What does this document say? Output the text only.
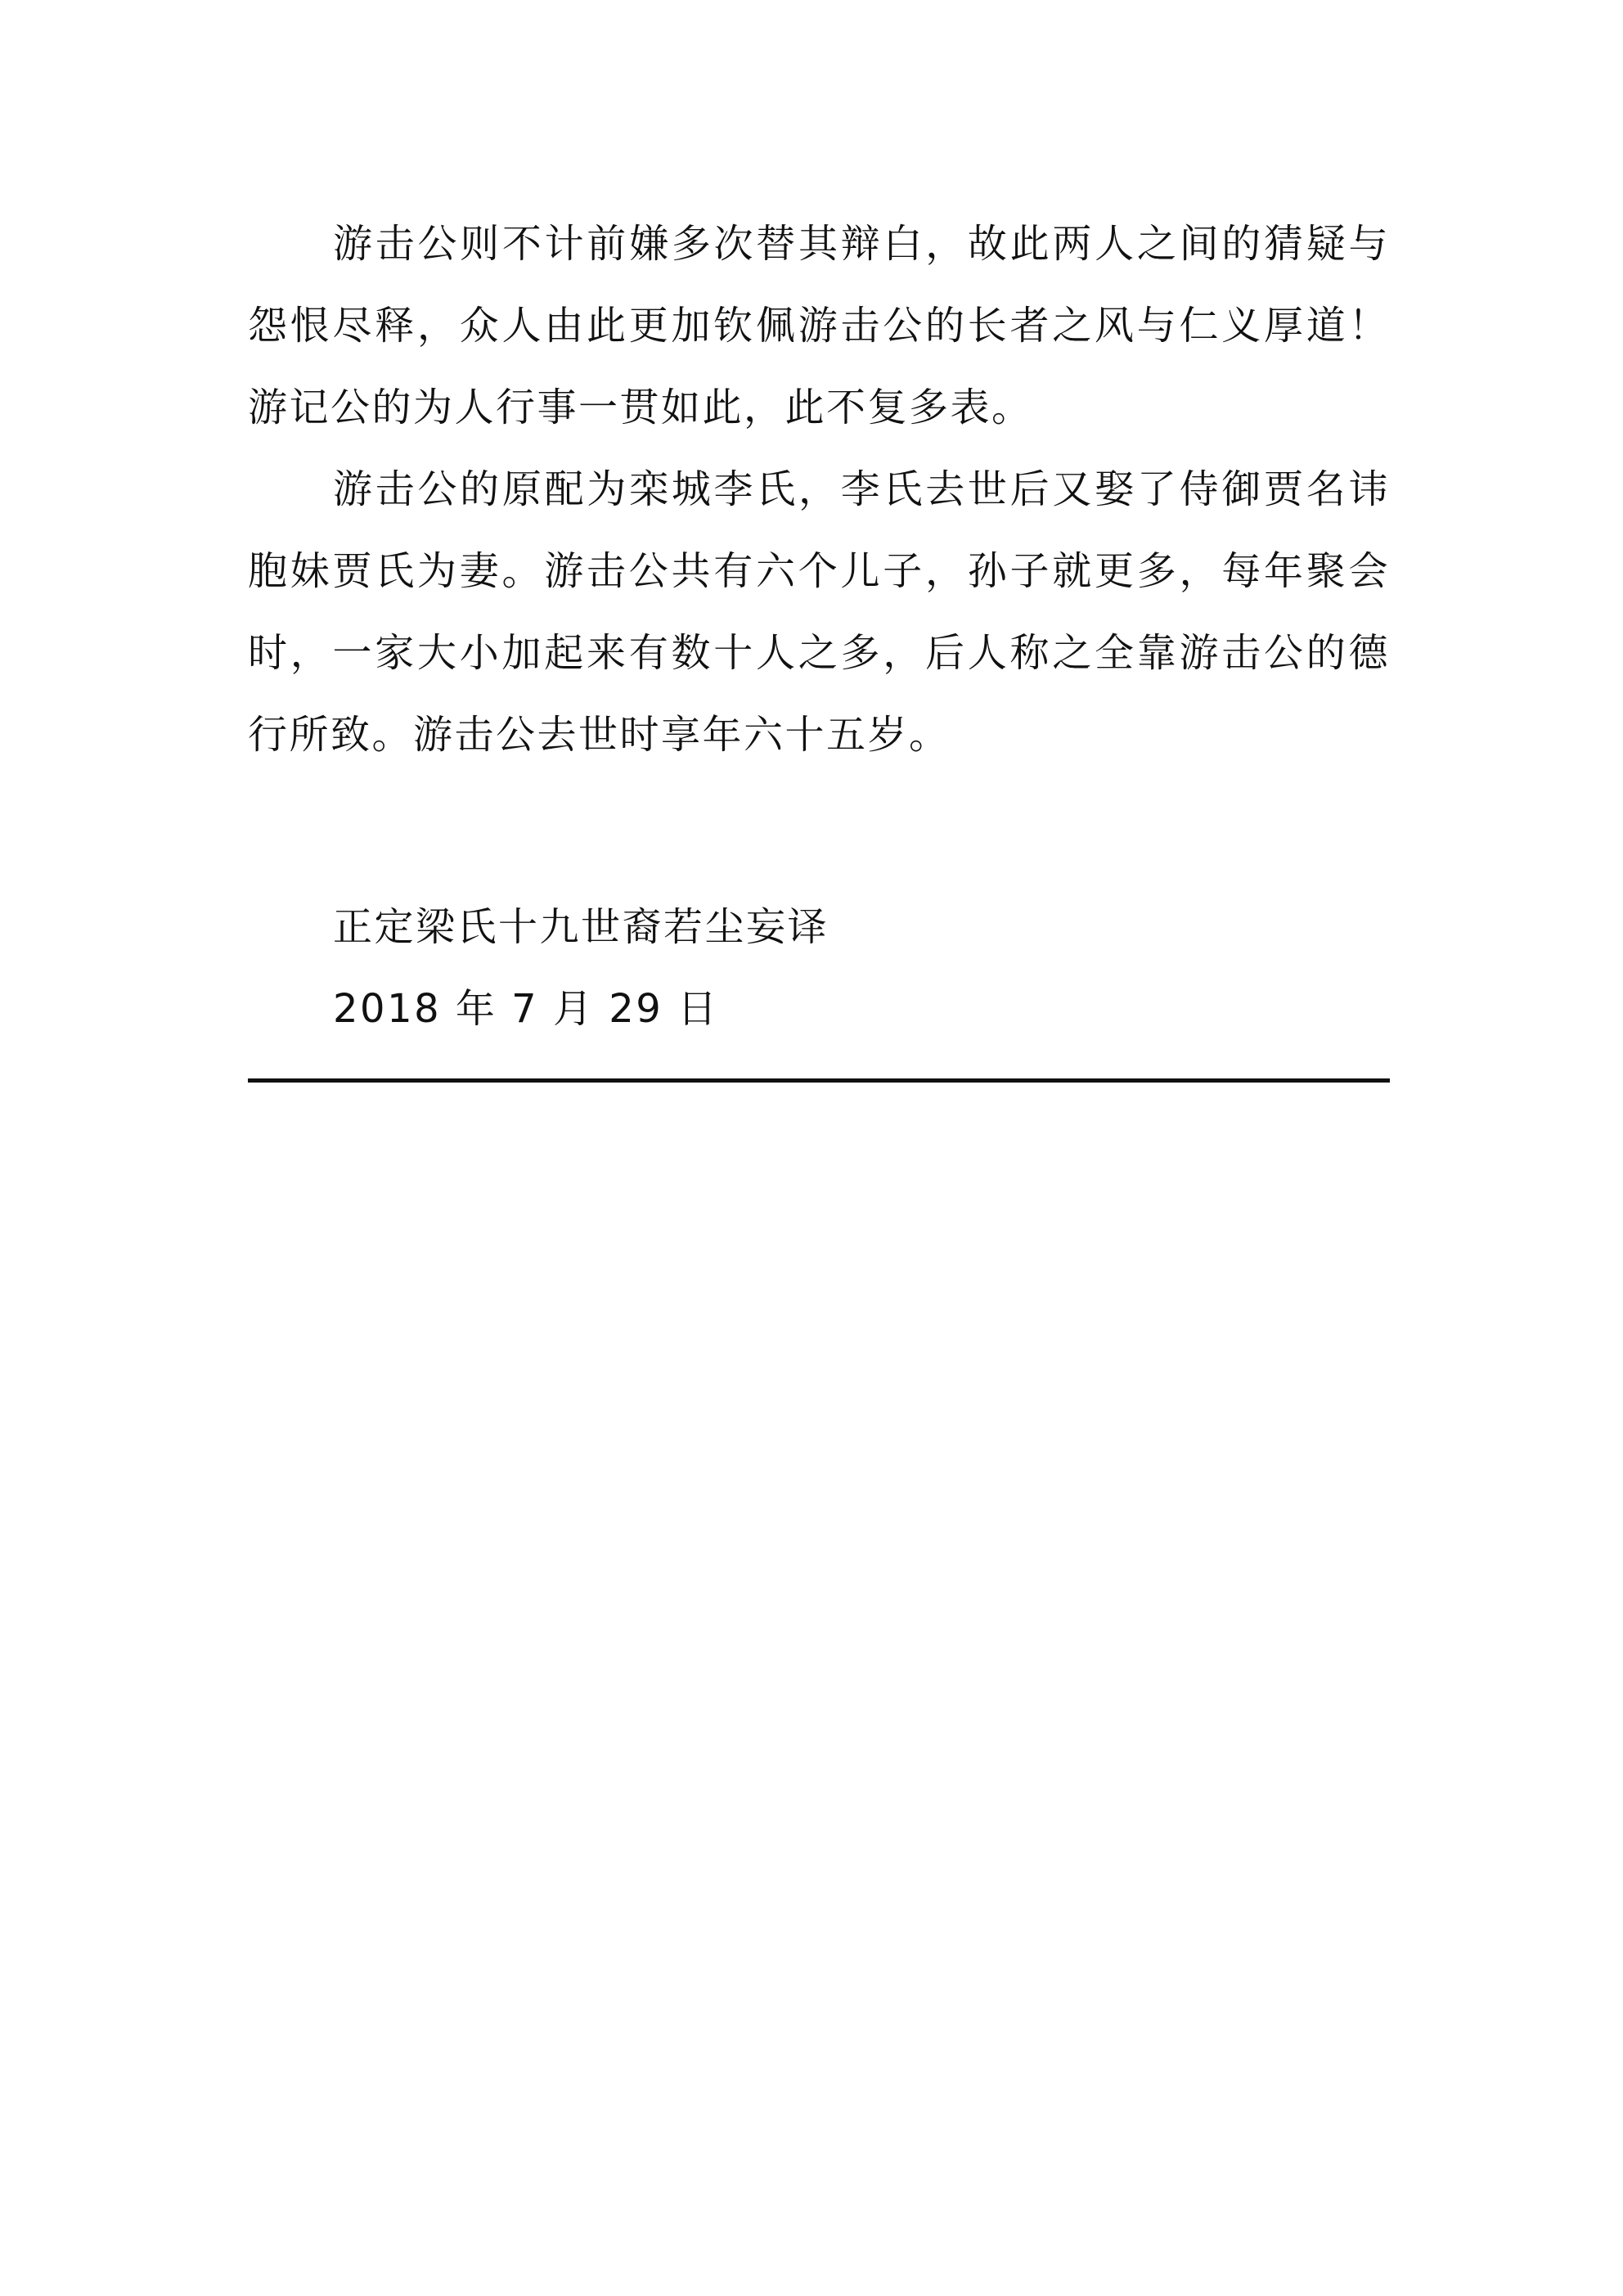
游击公则不计前嫌多次替其辩白，故此两人之间的猜疑与怨恨尽释，众人由此更加钦佩游击公的长者之风与仁义厚道！游记公的为人行事一贯如此，此不复多表。

游击公的原配为栾城李氏，李氏去世后又娶了侍御贾名讳胞妹贾氏为妻。游击公共有六个儿子，孙子就更多，每年聚会时，一家大小加起来有数十人之多，后人称之全靠游击公的德行所致。游击公去世时享年六十五岁。

正定梁氏十九世裔若尘妄译
2018 年 7 月 29 日
